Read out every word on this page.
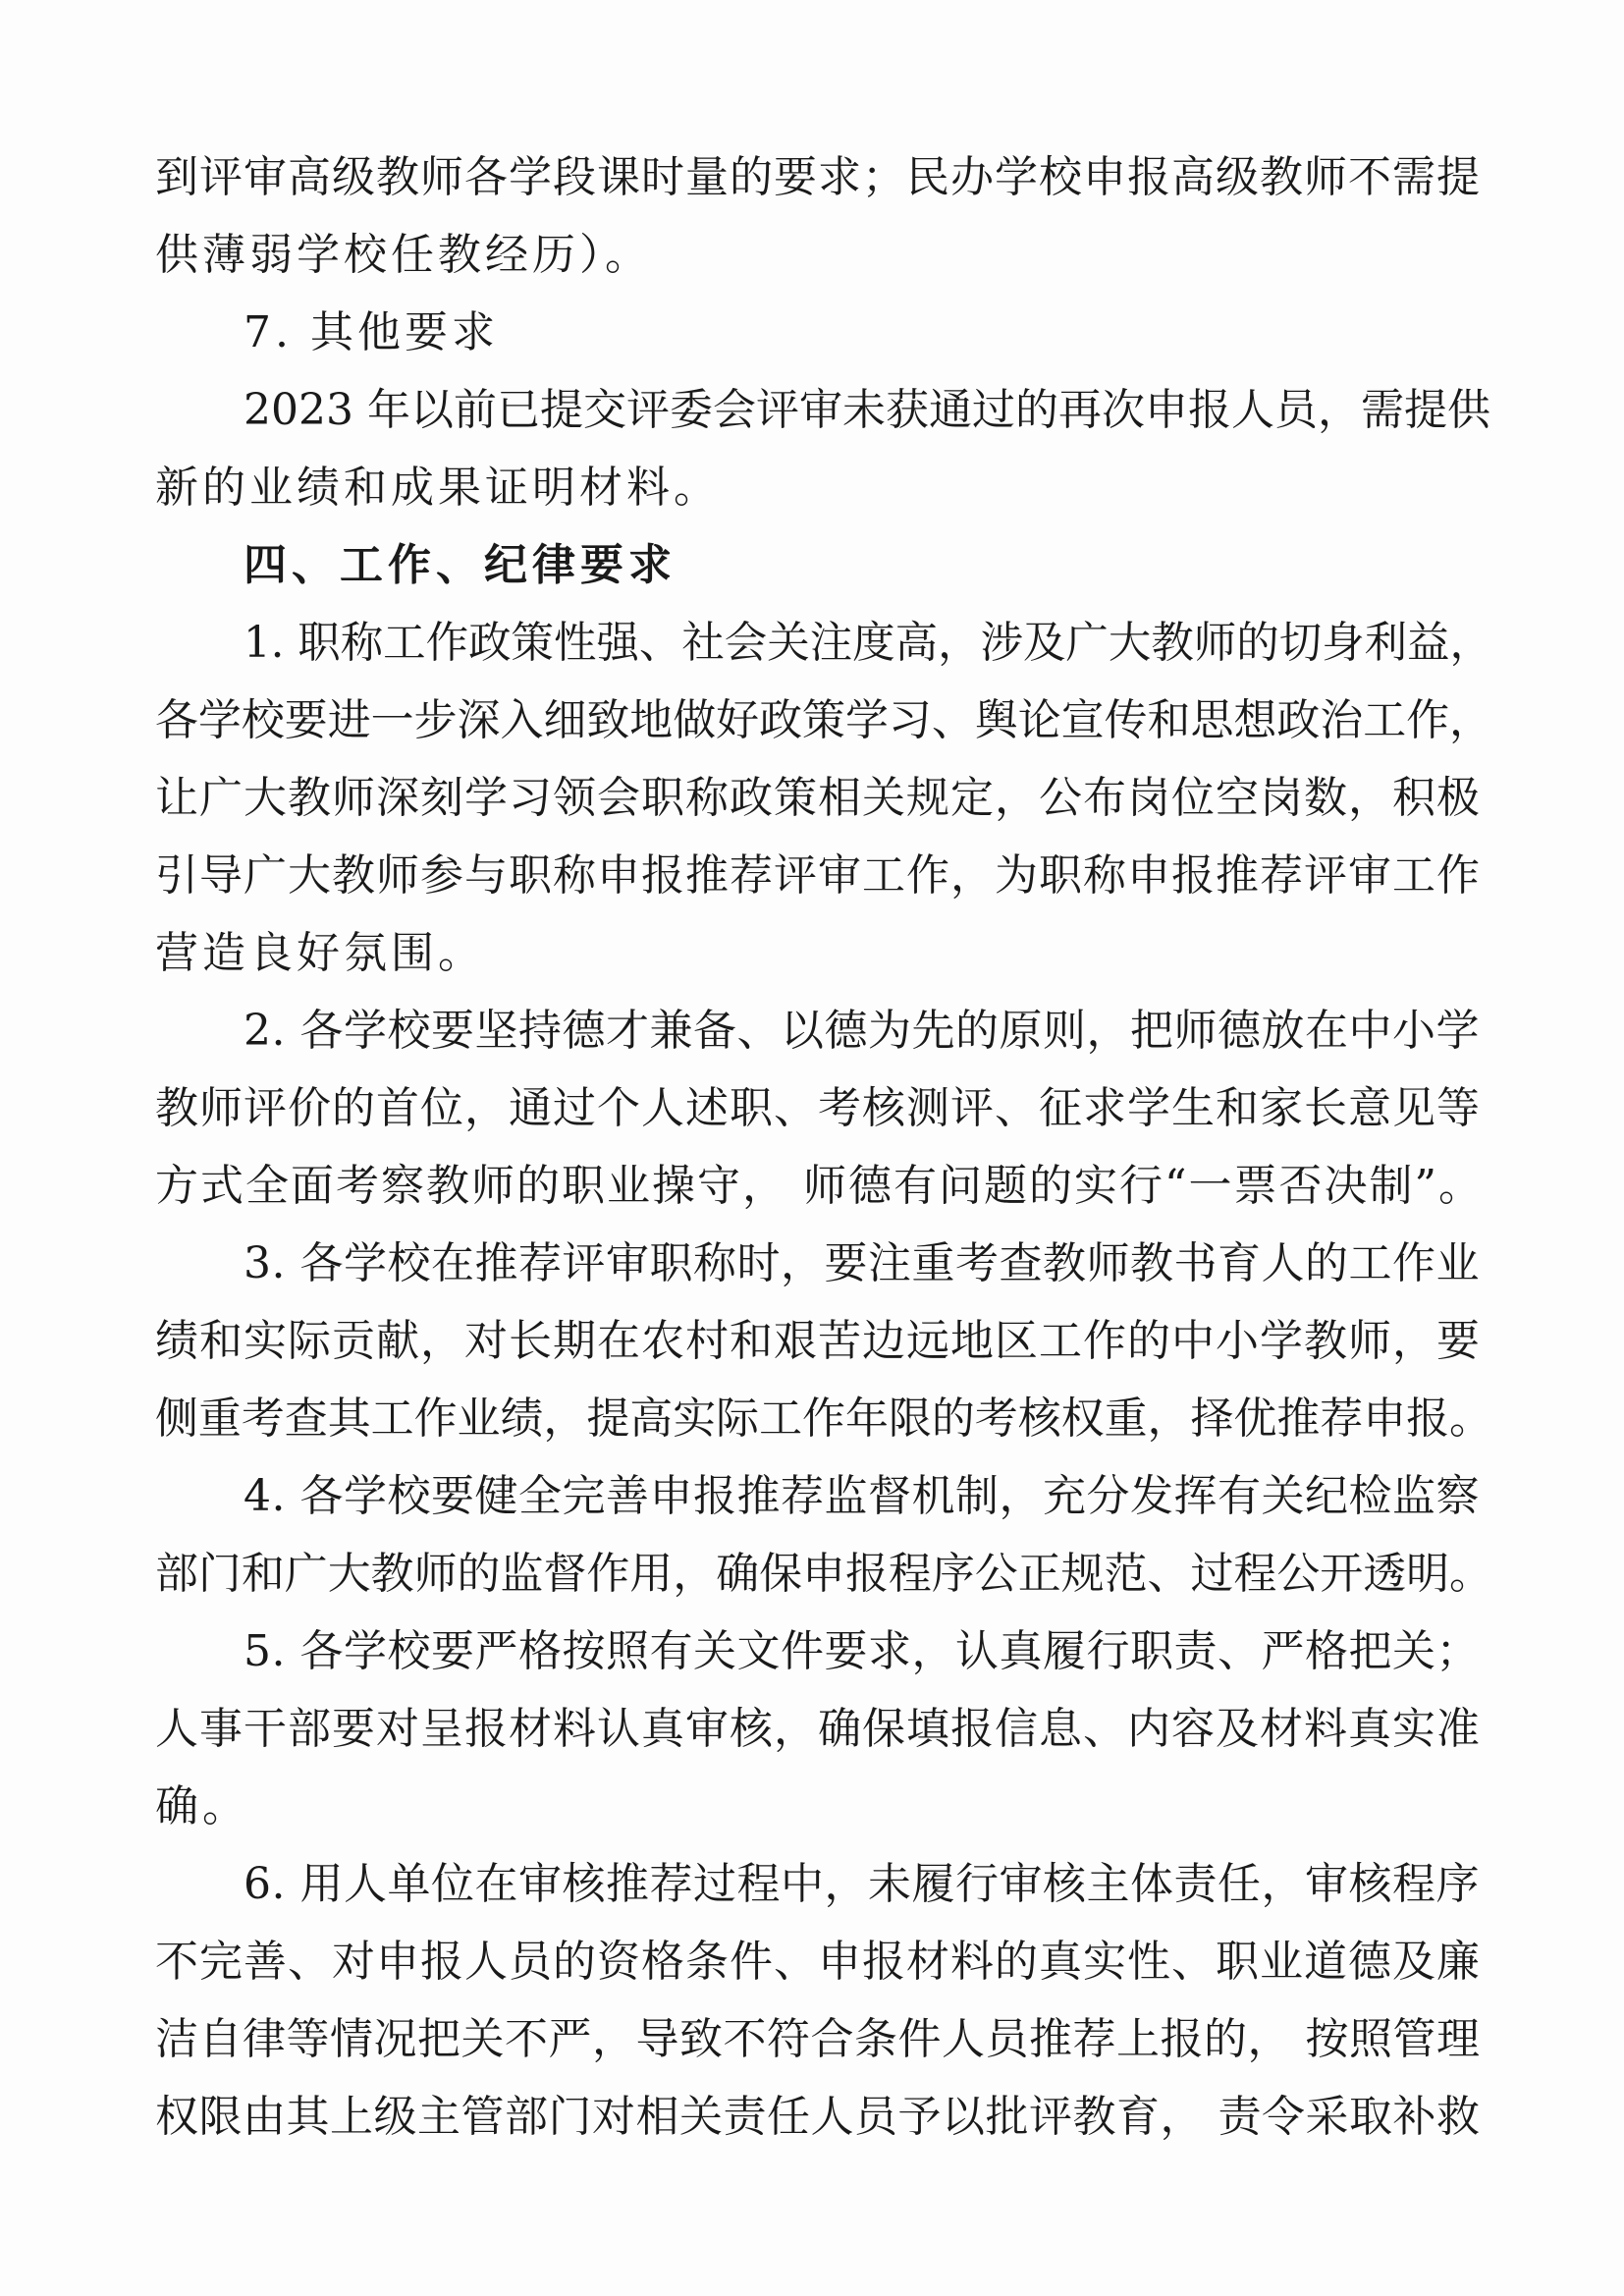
到评审高级教师各学段课时量的要求；民办学校申报高级教师不需提
供薄弱学校任教经历）。
7. 其他要求
2023 年以前已提交评委会评审未获通过的再次申报人员，需提供
新的业绩和成果证明材料。
四、工作、纪律要求
1. 职称工作政策性强、社会关注度高，涉及广大教师的切身利益，
各学校要进一步深入细致地做好政策学习、舆论宣传和思想政治工作，
让广大教师深刻学习领会职称政策相关规定，公布岗位空岗数，积极
引导广大教师参与职称申报推荐评审工作，为职称申报推荐评审工作
营造良好氛围。
2. 各学校要坚持德才兼备、以德为先的原则，把师德放在中小学
教师评价的首位，通过个人述职、考核测评、征求学生和家长意见等
方式全面考察教师的职业操守， 师德有问题的实行“一票否决制”。
3. 各学校在推荐评审职称时，要注重考查教师教书育人的工作业
绩和实际贡献，对长期在农村和艰苦边远地区工作的中小学教师，要
侧重考查其工作业绩，提高实际工作年限的考核权重，择优推荐申报。
4. 各学校要健全完善申报推荐监督机制，充分发挥有关纪检监察
部门和广大教师的监督作用，确保申报程序公正规范、过程公开透明。
5. 各学校要严格按照有关文件要求，认真履行职责、严格把关；
人事干部要对呈报材料认真审核，确保填报信息、内容及材料真实准
确。
6. 用人单位在审核推荐过程中，未履行审核主体责任，审核程序
不完善、对申报人员的资格条件、申报材料的真实性、职业道德及廉
洁自律等情况把关不严，导致不符合条件人员推荐上报的， 按照管理
权限由其上级主管部门对相关责任人员予以批评教育， 责令采取补救
